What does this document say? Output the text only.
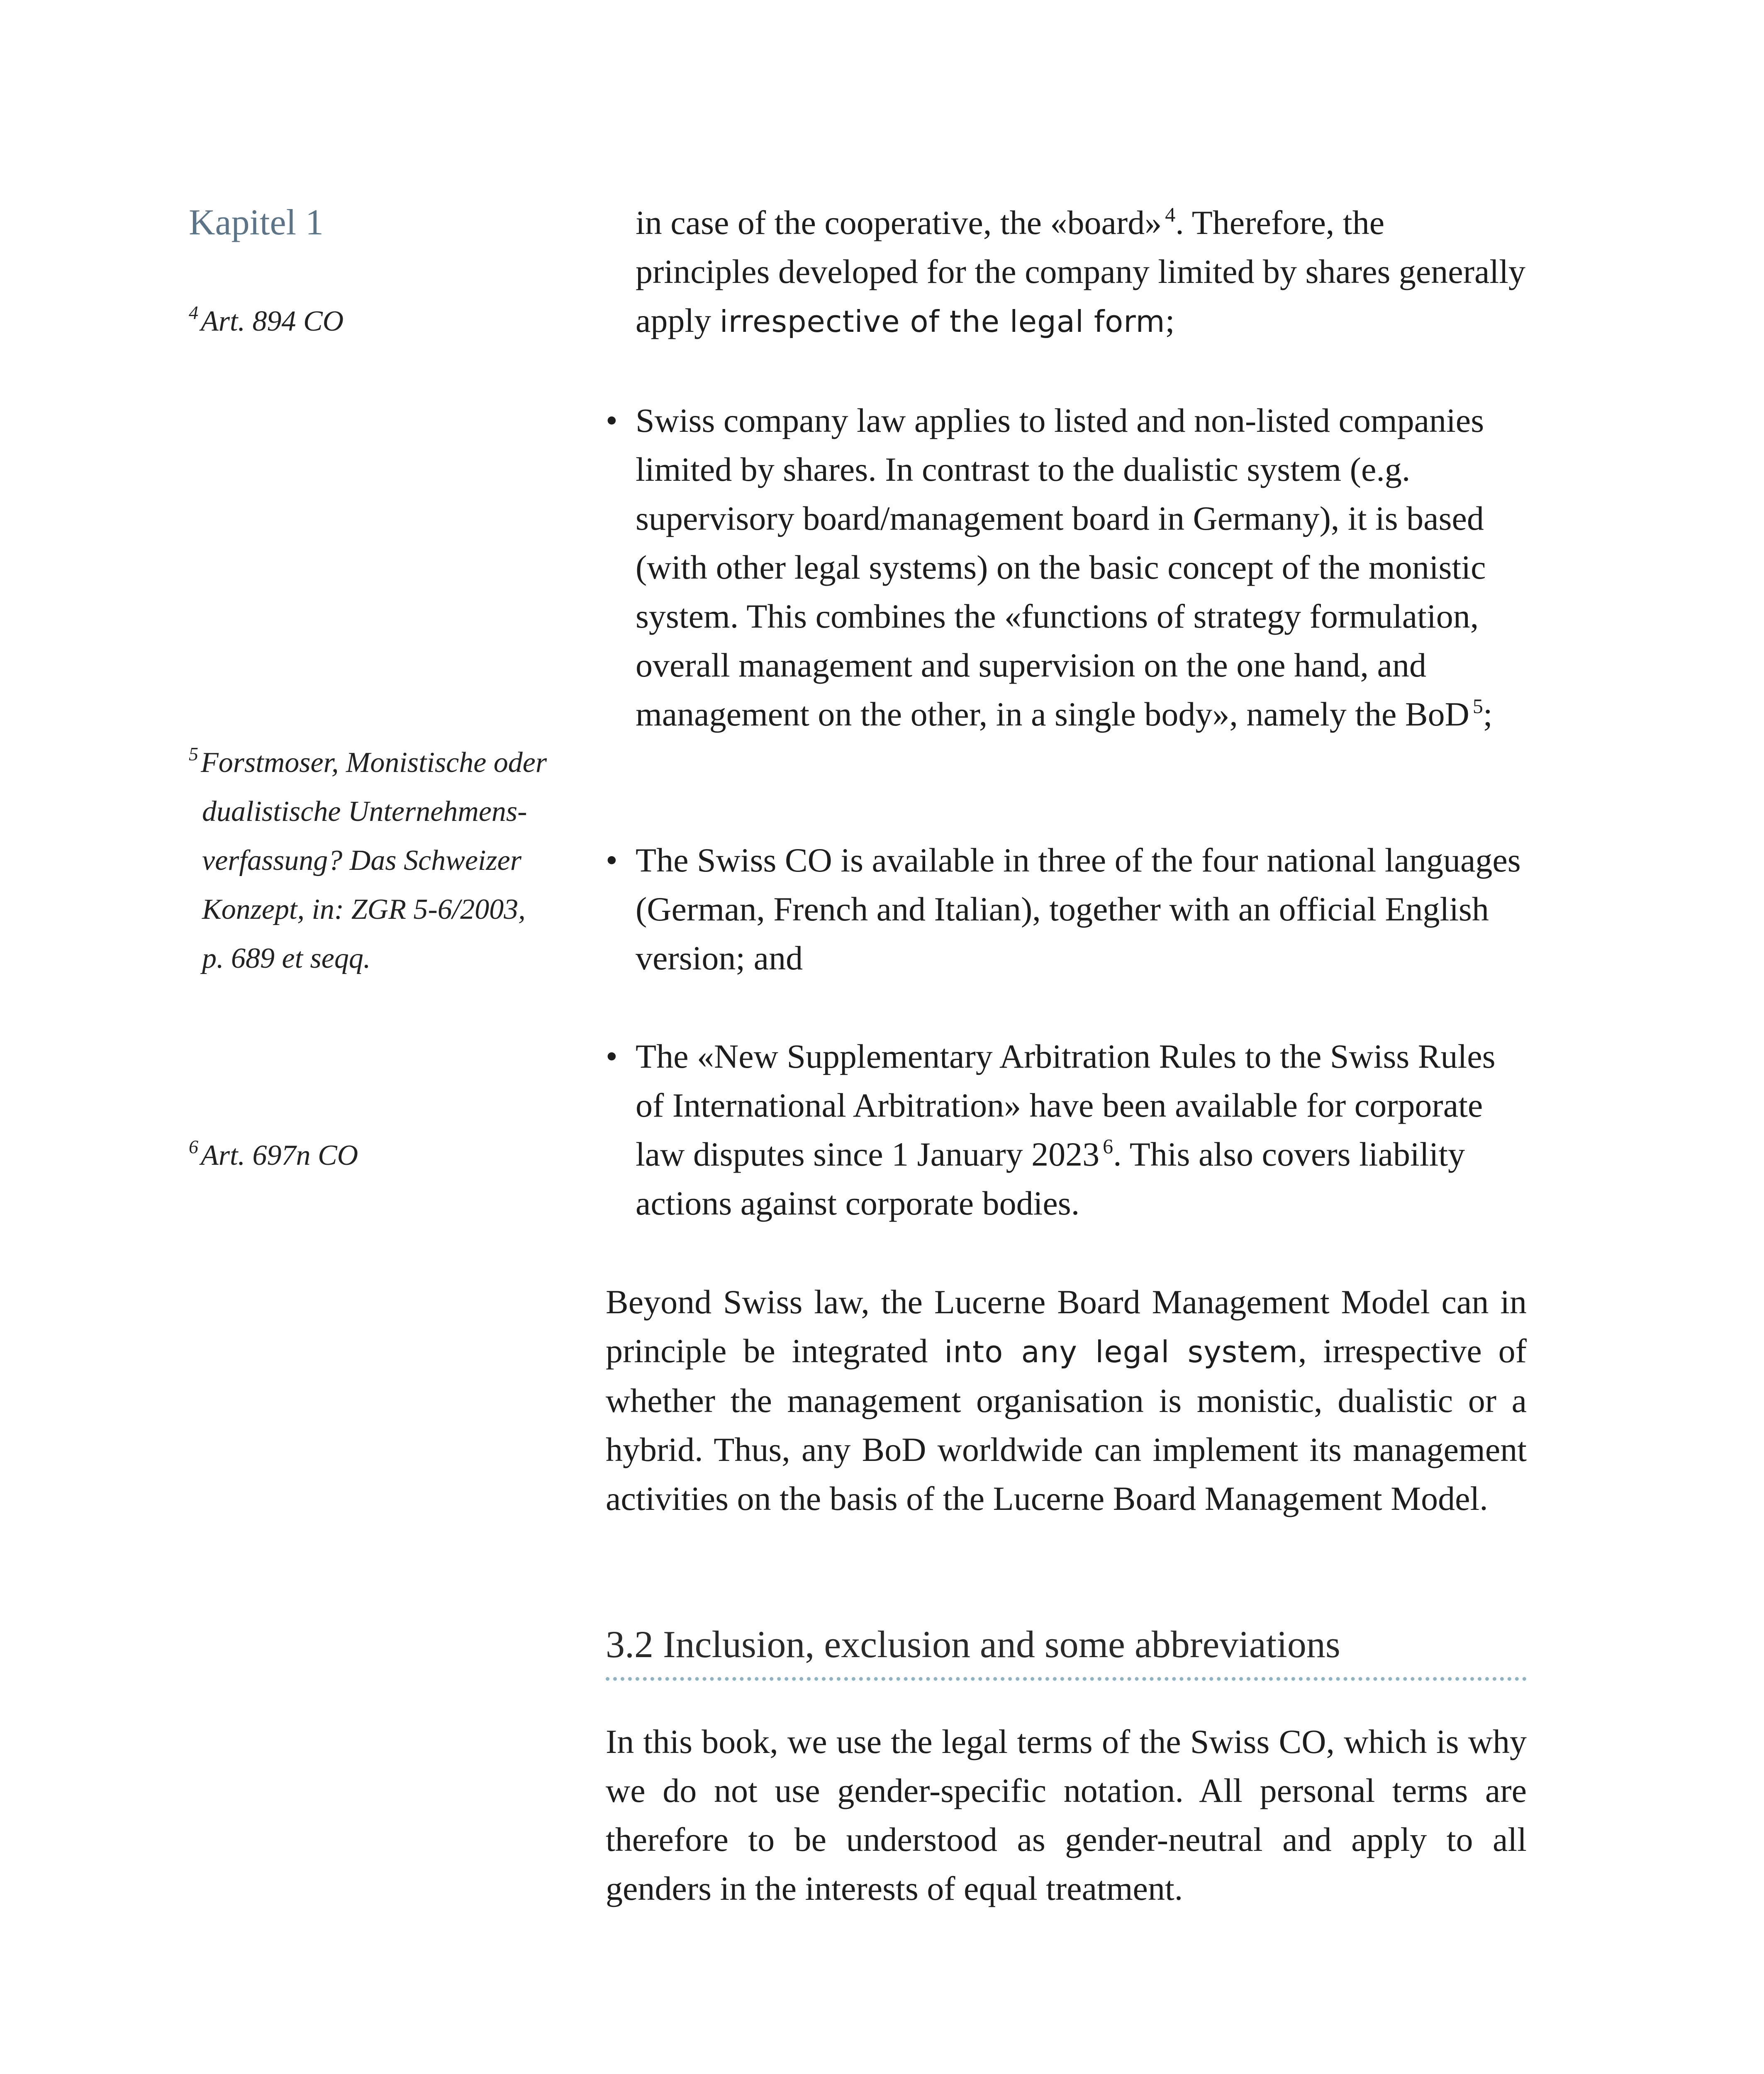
Kapitel 1
$^4$Art. 894 CO
$^5$Forstmoser, Monistische oder
dualistische Unternehmens-
verfassung? Das Schweizer
Konzept, in: ZGR 5-6/2003,
p. 689 et seqq.
$^6$Art. 697n CO

in case of the cooperative, the «board» $^4$. Therefore, the principles developed for the company limited by shares generally apply irrespective of the legal form;

• Swiss company law applies to listed and non-listed companies limited by shares. In contrast to the dualistic system (e.g. supervisory board/management board in Germany), it is based (with other legal systems) on the basic concept of the monistic system. This combines the «functions of strategy formulation, overall management and supervision on the one hand, and management on the other, in a single body», namely the BoD $^5$;

• The Swiss CO is available in three of the four national languages (German, French and Italian), together with an official English version; and

• The «New Supplementary Arbitration Rules to the Swiss Rules of International Arbitration» have been available for corporate law disputes since 1 January 2023 $^6$. This also covers liability actions against corporate bodies.

Beyond Swiss law, the Lucerne Board Management Model can in principle be integrated into any legal system, irrespective of whether the management organisation is monistic, dualistic or a hybrid. Thus, any BoD worldwide can implement its management activities on the basis of the Lucerne Board Management Model.

3.2 Inclusion, exclusion and some abbreviations

In this book, we use the legal terms of the Swiss CO, which is why we do not use gender-specific notation. All personal terms are therefore to be understood as gender-neutral and apply to all genders in the interests of equal treatment.
